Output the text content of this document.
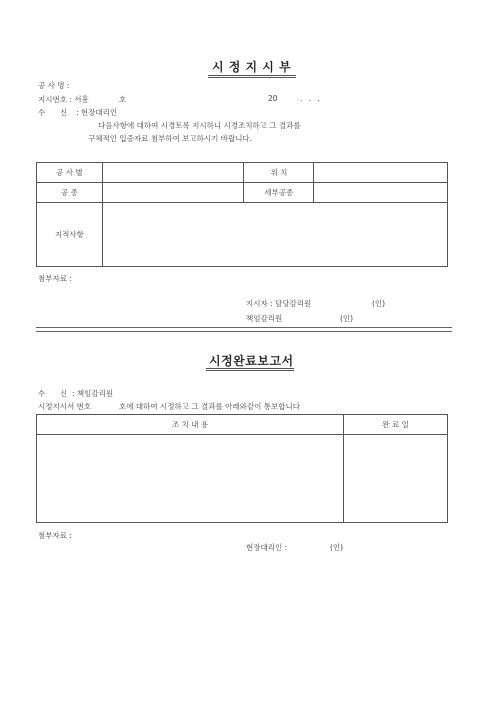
시 정 지 시 부
공 사 명 :
지시번호 : 서흥	호	20	. . .
수 신 : 현장대리인
다음사항에 대하여 시경토록 지시하니 시경조치하고 그 결과를
구체적인 입증자료 첨부하여 보고하시기 바랍니다.
공 사 별		위 치	
공 종		세부공종	
지적사항			
첨부자료 :
지시자 : 담당감리원	(인)
책임감리원	(인)
시정완료보고서
수 신 : 책임감리원
시정지시서 번호	호에 대하여 시정하고 그 결과를 아래와같이 통보합니다
조 치 내 용	완 료 일

첨부자료 :
현장대리인 :	(인)
